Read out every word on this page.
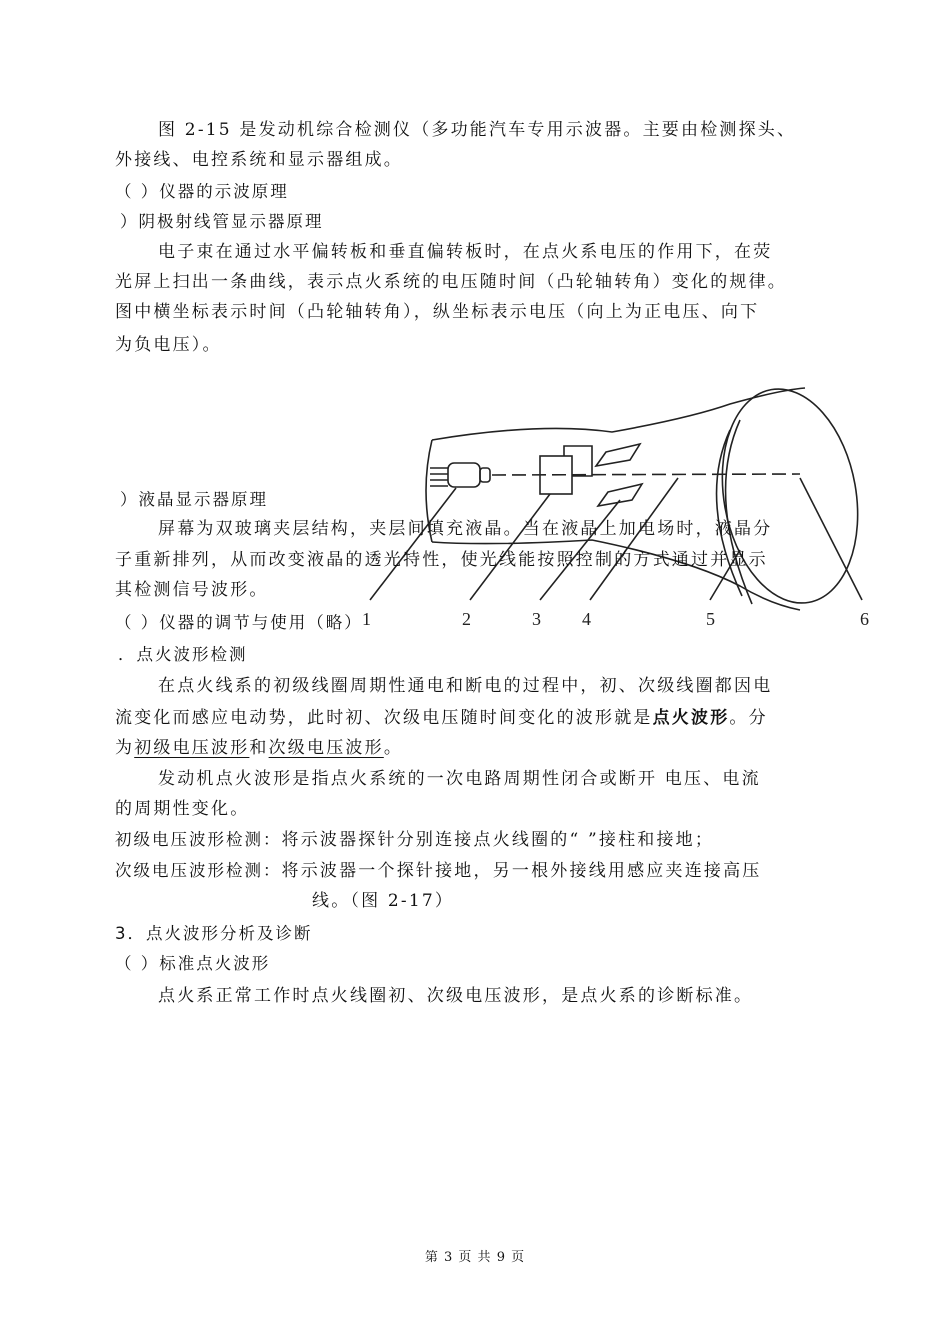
1	2	3 4	5	6
图 2-15 是发动机综合检测仪（多功能汽车专用示波器。主要由检测探头、
外接线、电控系统和显示器组成。
（ ）仪器的示波原理
）阴极射线管显示器原理
电子束在通过水平偏转板和垂直偏转板时，在点火系电压的作用下，在荧
光屏上扫出一条曲线，表示点火系统的电压随时间（凸轮轴转角）变化的规律。
图中横坐标表示时间（凸轮轴转角），纵坐标表示电压（向上为正电压、向下
为负电压）。
）液晶显示器原理
屏幕为双玻璃夹层结构，夹层间填充液晶。当在液晶上加电场时，液晶分
子重新排列，从而改变液晶的透光特性，使光线能按照控制的方式通过并显示
其检测信号波形。
（ ）仪器的调节与使用（略）
．点火波形检测
在点火线系的初级线圈周期性通电和断电的过程中，初、次级线圈都因电
流变化而感应电动势，此时初、次级电压随时间变化的波形就是点火波形。分
为初级电压波形和次级电压波形。
发动机点火波形是指点火系统的一次电路周期性闭合或断开 电压、电流
的周期性变化。
初级电压波形检测：将示波器探针分别连接点火线圈的“ ”接柱和接地；
次级电压波形检测：将示波器一个探针接地，另一根外接线用感应夹连接高压
线。（图 2-17）
3．点火波形分析及诊断
（ ）标准点火波形
点火系正常工作时点火线圈初、次级电压波形，是点火系的诊断标准。
第 3 页 共 9 页
